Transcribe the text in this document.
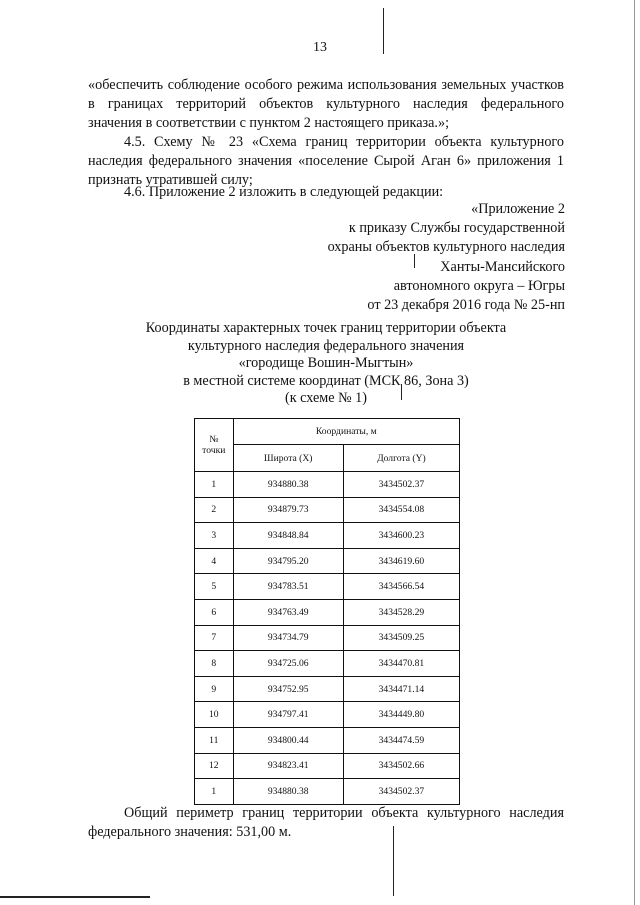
13

«обеспечить соблюдение особого режима использования земельных участков в границах территорий объектов культурного наследия федерального значения в соответствии с пунктом 2 настоящего приказа.»;

4.5. Схему № 23 «Схема границ территории объекта культурного наследия федерального значения «поселение Сырой Аган 6» приложения 1 признать утратившей силу;

4.6. Приложение 2 изложить в следующей редакции:

«Приложение 2
к приказу Службы государственной
охраны объектов культурного наследия
Ханты-Мансийского
автономного округа – Югры
от 23 декабря 2016 года № 25-нп
Координаты характерных точек границ территории объекта
культурного наследия федерального значения
«городище Вошин-Мыгтын»
в местной системе координат (МСК 86, Зона 3)
(к схеме № 1)
№
точки	Координаты, м	
	Широта (X)	Долгота (Y)
1	934880.38	3434502.37
2	934879.73	3434554.08
3	934848.84	3434600.23
4	934795.20	3434619.60
5	934783.51	3434566.54
6	934763.49	3434528.29
7	934734.79	3434509.25
8	934725.06	3434470.81
9	934752.95	3434471.14
10	934797.41	3434449.80
11	934800.44	3434474.59
12	934823.41	3434502.66
1	934880.38	3434502.37

Общий периметр границ территории объекта культурного наследия федерального значения: 531,00 м.
